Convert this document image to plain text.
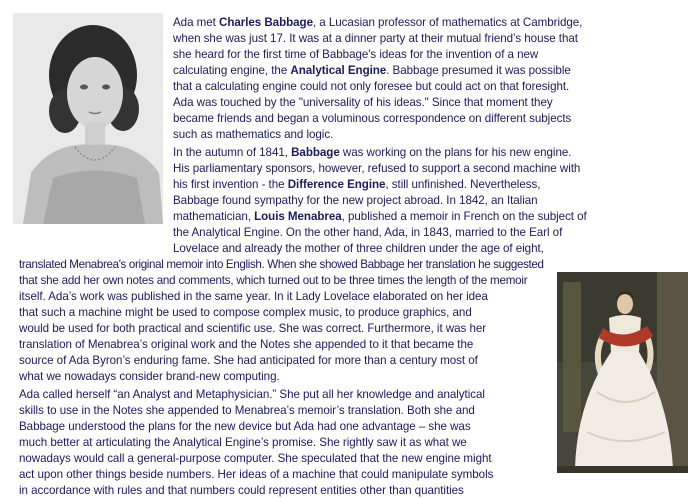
Ada met Charles Babbage, a Lucasian professor of mathematics at Cambridge,
when she was just 17. It was at a dinner party at their mutual friend’s house that
she heard for the first time of Babbage's ideas for the invention of a new
calculating engine, the Analytical Engine. Babbage presumed it was possible
that a calculating engine could not only foresee but could act on that foresight.
Ada was touched by the "universality of his ideas." Since that moment they
became friends and began a voluminous correspondence on different subjects
such as mathematics and logic.
In the autumn of 1841, Babbage was working on the plans for his new engine.
His parliamentary sponsors, however, refused to support a second machine with
his first invention - the Difference Engine, still unfinished. Nevertheless,
Babbage found sympathy for the new project abroad. In 1842, an Italian
mathematician, Louis Menabrea, published a memoir in French on the subject of
the Analytical Engine. On the other hand, Ada, in 1843, married to the Earl of
Lovelace and already the mother of three children under the age of eight,
translated Menabrea's original memoir into English. When she showed Babbage her translation he suggested
that she add her own notes and comments, which turned out to be three times the length of the memoir
itself. Ada’s work was published in the same year. In it Lady Lovelace elaborated on her idea
that such a machine might be used to compose complex music, to produce graphics, and
would be used for both practical and scientific use. She was correct. Furthermore, it was her
translation of Menabrea’s original work and the Notes she appended to it that became the
source of Ada Byron’s enduring fame. She had anticipated for more than a century most of
what we nowadays consider brand-new computing.
Ada called herself “an Analyst and Metaphysician.” She put all her knowledge and analytical
skills to use in the Notes she appended to Menabrea’s memoir’s translation. Both she and
Babbage understood the plans for the new device but Ada had one advantage – she was
much better at articulating the Analytical Engine’s promise. She rightly saw it as what we
nowadays would call a general-purpose computer. She speculated that the new engine might
act upon other things beside numbers. Her ideas of a machine that could manipulate symbols
in accordance with rules and that numbers could represent entities other than quantities
